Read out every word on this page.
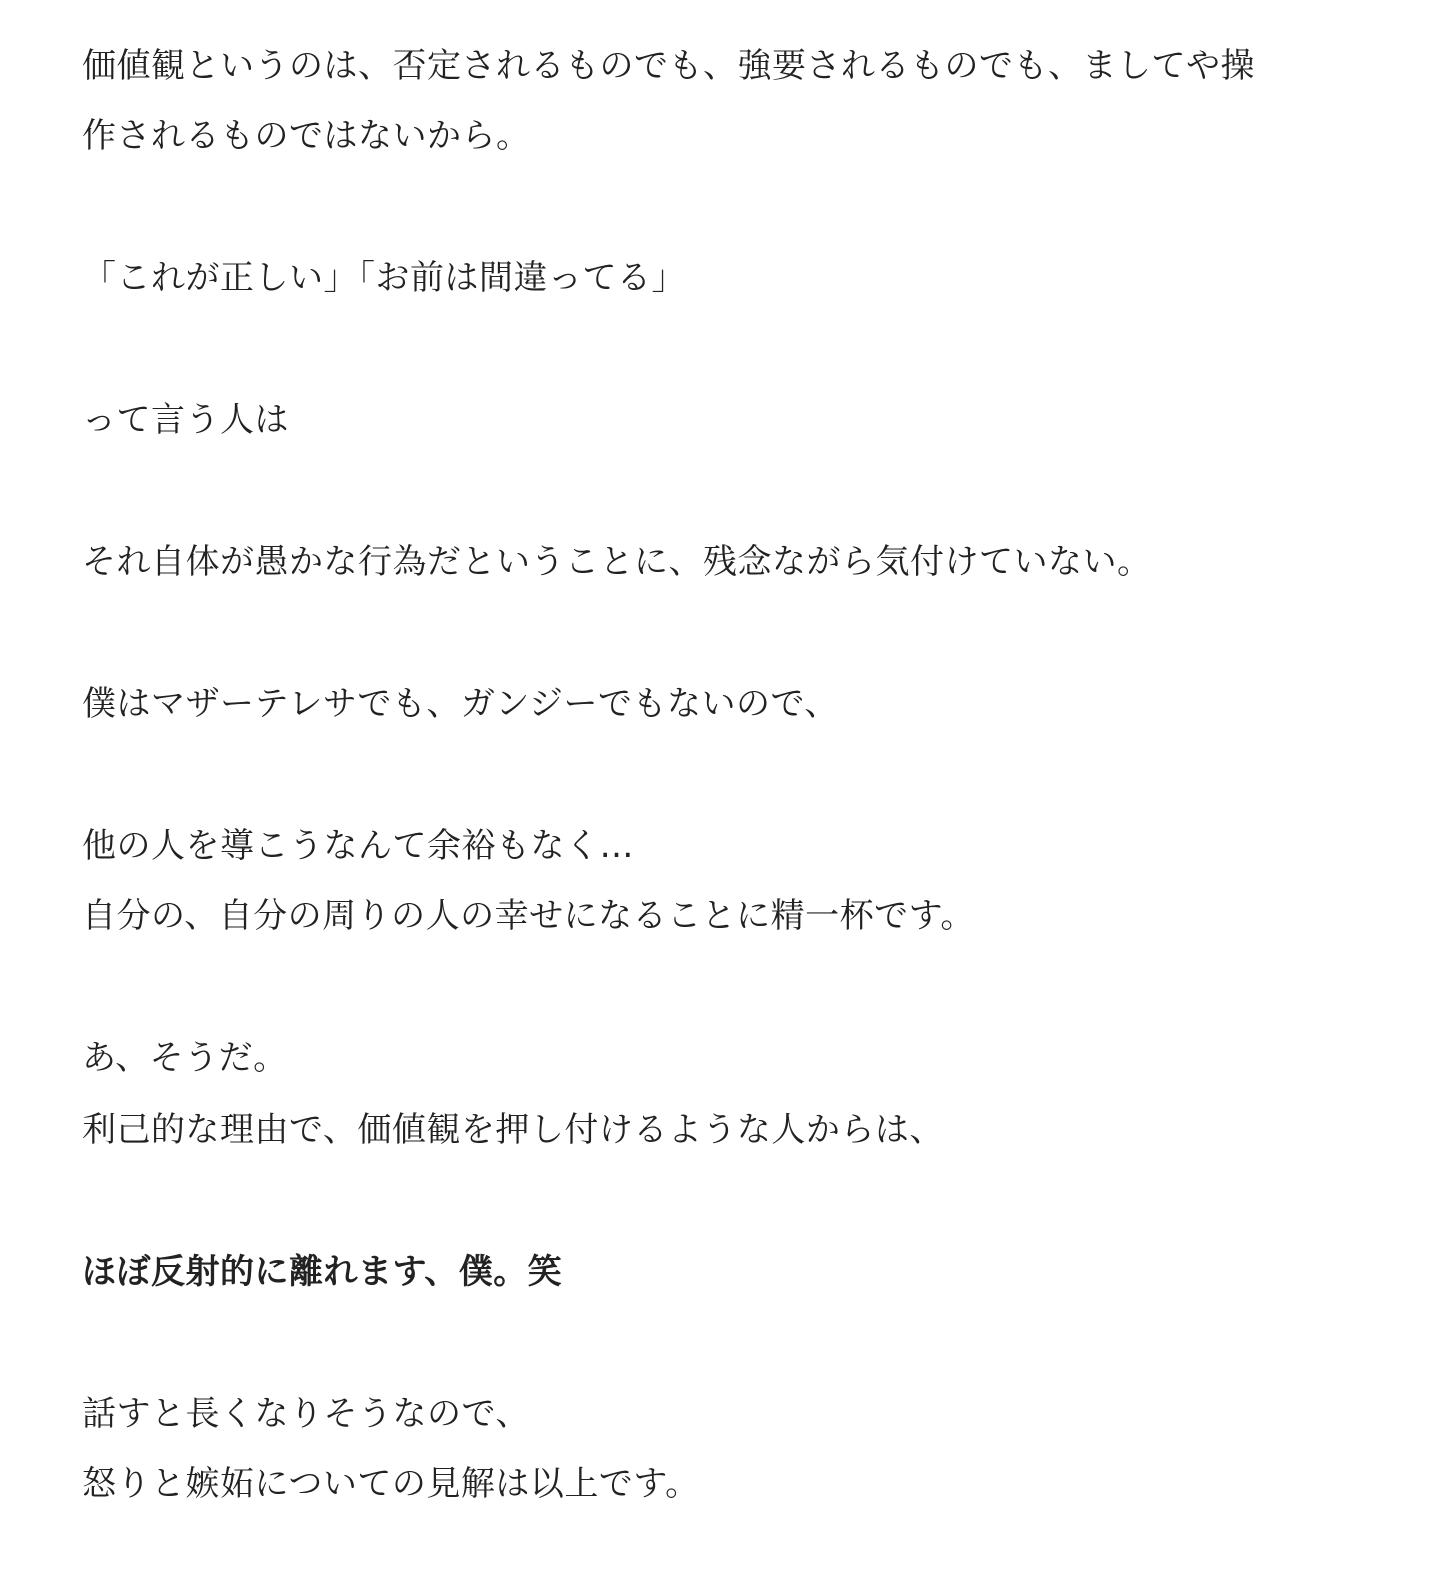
価値観というのは、否定されるものでも、強要されるものでも、ましてや操
作されるものではないから。
「これが正しい」「お前は間違ってる」
って言う人は
それ自体が愚かな行為だということに、残念ながら気付けていない。
僕はマザーテレサでも、ガンジーでもないので、
他の人を導こうなんて余裕もなく…
自分の、自分の周りの人の幸せになることに精一杯です。
あ、そうだ。
利己的な理由で、価値観を押し付けるような人からは、
ほぼ反射的に離れます、僕。笑
話すと長くなりそうなので、
怒りと嫉妬についての見解は以上です。
